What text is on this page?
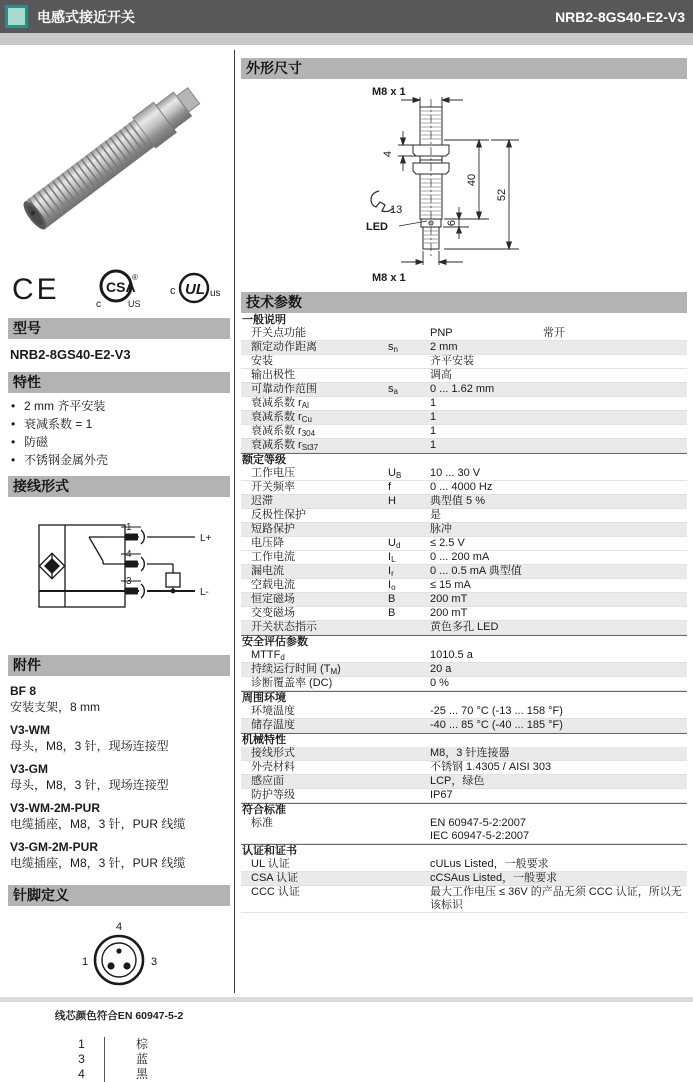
电感式接近开关	NRB2-8GS40-E2-V3
CE	CSA
®
c	US
UL
c	us
型号
NRB2-8GS40-E2-V3
特性
• 2 mm 齐平安装
• 衰减系数 = 1
• 防磁
• 不锈钢金属外壳
接线形式
1
4
3
L+
L-
附件
BF 8
安装支架，8 mm
V3-WM
母头，M8，3 针，现场连接型
V3-GM
母头，M8，3 针，现场连接型
V3-WM-2M-PUR
电缆插座，M8，3 针，PUR 线缆
V3-GM-2M-PUR
电缆插座，M8，3 针，PUR 线缆
针脚定义
4
1	3
线芯颜色符合EN 60947-5-2
1	棕
3	蓝
4	黑
外形尺寸
M8 x 1
LED
M8 x 1
4
13
40
52
6
技术参数
一般说明
开关点功能	PNP	常开
额定动作距离	$s_n$	2 mm
安装	齐平安装
输出极性	调高
可靠动作范围	$s_a$	0 ... 1.62 mm
衰减系数 $r_{Al}$	1
衰减系数 $r_{Cu}$	1
衰减系数 $r_{304}$	1
衰减系数 $r_{St37}$	1
额定等级
工作电压	$U_B$	10 ... 30 V
开关频率	f	0 ... 4000 Hz
迟滞	H	典型值 5 %
反极性保护	是
短路保护	脉冲
电压降	$U_d$	≤ 2.5 V
工作电流	$I_L$	0 ... 200 mA
漏电流	$I_r$	0 ... 0.5 mA 典型值
空载电流	$I_o$	≤ 15 mA
恒定磁场	B	200 mT
交变磁场	B	200 mT
开关状态指示	黄色多孔 LED
安全评估参数
$MTTF_d$	1010.5 a
持续运行时间 $(T_M)$	20 a
诊断覆盖率 (DC)	0 %
周围环境
环境温度	-25 ... 70 °C (-13 ... 158 °F)
储存温度	-40 ... 85 °C (-40 ... 185 °F)
机械特性
接线形式	M8，3 针连接器
外壳材料	不锈钢 1.4305 / AISI 303
感应面	LCP，绿色
防护等级	IP67
符合标准
标准	EN 60947-5-2:2007
IEC 60947-5-2:2007
认证和证书
UL 认证	cULus Listed，一般要求
CSA 认证	cCSAus Listed，一般要求
CCC 认证	最大工作电压 ≤ 36V 的产品无须 CCC 认证，所以无该标识
